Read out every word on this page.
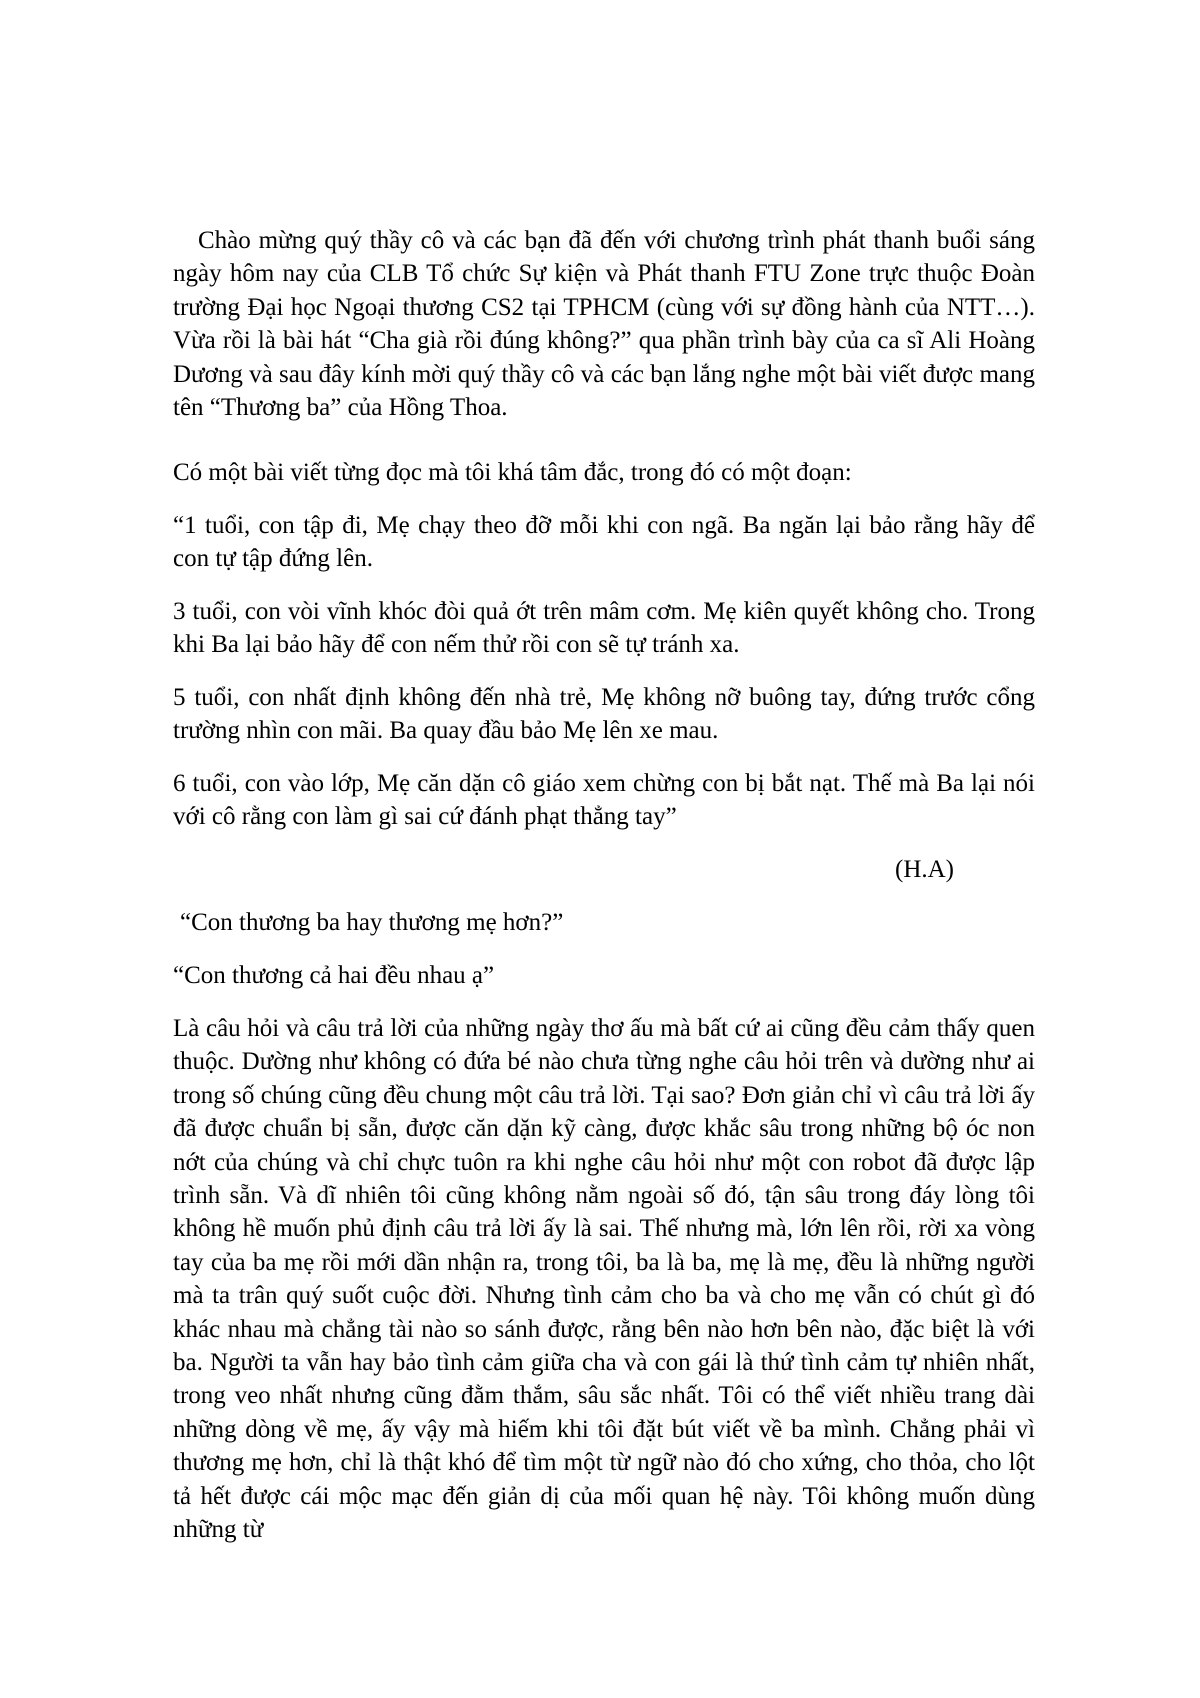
Chào mừng quý thầy cô và các bạn đã đến với chương trình phát thanh buổi sáng ngày hôm nay của CLB Tổ chức Sự kiện và Phát thanh FTU Zone trực thuộc Đoàn trường Đại học Ngoại thương CS2 tại TPHCM (cùng với sự đồng hành của NTT…). Vừa rồi là bài hát “Cha già rồi đúng không?” qua phần trình bày của ca sĩ Ali Hoàng Dương và sau đây kính mời quý thầy cô và các bạn lắng nghe một bài viết được mang tên “Thương ba” của Hồng Thoa.

Có một bài viết từng đọc mà tôi khá tâm đắc, trong đó có một đoạn:

“1 tuổi, con tập đi, Mẹ chạy theo đỡ mỗi khi con ngã. Ba ngăn lại bảo rằng hãy để con tự tập đứng lên.

3 tuổi, con vòi vĩnh khóc đòi quả ớt trên mâm cơm. Mẹ kiên quyết không cho. Trong khi Ba lại bảo hãy để con nếm thử rồi con sẽ tự tránh xa.

5 tuổi, con nhất định không đến nhà trẻ, Mẹ không nỡ buông tay, đứng trước cổng trường nhìn con mãi. Ba quay đầu bảo Mẹ lên xe mau.

6 tuổi, con vào lớp, Mẹ căn dặn cô giáo xem chừng con bị bắt nạt. Thế mà Ba lại nói với cô rằng con làm gì sai cứ đánh phạt thẳng tay”

(H.A)

“Con thương ba hay thương mẹ hơn?”

“Con thương cả hai đều nhau ạ”

Là câu hỏi và câu trả lời của những ngày thơ ấu mà bất cứ ai cũng đều cảm thấy quen thuộc. Dường như không có đứa bé nào chưa từng nghe câu hỏi trên và dường như ai trong số chúng cũng đều chung một câu trả lời. Tại sao? Đơn giản chỉ vì câu trả lời ấy đã được chuẩn bị sẵn, được căn dặn kỹ càng, được khắc sâu trong những bộ óc non nớt của chúng và chỉ chực tuôn ra khi nghe câu hỏi như một con robot đã được lập trình sẵn. Và dĩ nhiên tôi cũng không nằm ngoài số đó, tận sâu trong đáy lòng tôi không hề muốn phủ định câu trả lời ấy là sai. Thế nhưng mà, lớn lên rồi, rời xa vòng tay của ba mẹ rồi mới dần nhận ra, trong tôi, ba là ba, mẹ là mẹ, đều là những người mà ta trân quý suốt cuộc đời. Nhưng tình cảm cho ba và cho mẹ vẫn có chút gì đó khác nhau mà chẳng tài nào so sánh được, rằng bên nào hơn bên nào, đặc biệt là với ba. Người ta vẫn hay bảo tình cảm giữa cha và con gái là thứ tình cảm tự nhiên nhất, trong veo nhất nhưng cũng đằm thắm, sâu sắc nhất. Tôi có thể viết nhiều trang dài những dòng về mẹ, ấy vậy mà hiếm khi tôi đặt bút viết về ba mình. Chẳng phải vì thương mẹ hơn, chỉ là thật khó để tìm một từ ngữ nào đó cho xứng, cho thỏa, cho lột tả hết được cái mộc mạc đến giản dị của mối quan hệ này. Tôi không muốn dùng những từ
